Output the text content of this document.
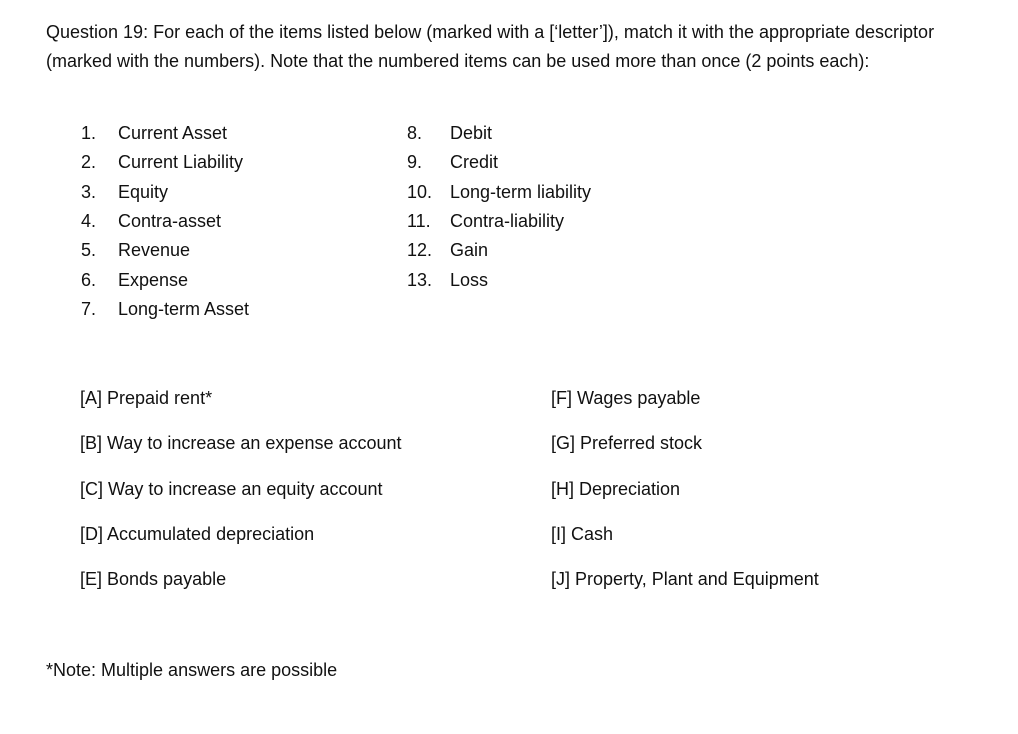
Question 19: For each of the items listed below (marked with a [‘letter’]), match it with the appropriate descriptor (marked with the numbers). Note that the numbered items can be used more than once (2 points each):
*Note: Multiple answers are possible
1. Current Asset
2. Current Liability
3. Equity
4. Contra-asset
5. Revenue
6. Expense
7. Long-term Asset
8. Debit
9. Credit
10. Long-term liability
11. Contra-liability
12. Gain
13. Loss
[A] Prepaid rent*
[B] Way to increase an expense account
[C] Way to increase an equity account
[D] Accumulated depreciation
[E] Bonds payable
[F] Wages payable
[G] Preferred stock
[H] Depreciation
[I] Cash
[J] Property, Plant and Equipment
